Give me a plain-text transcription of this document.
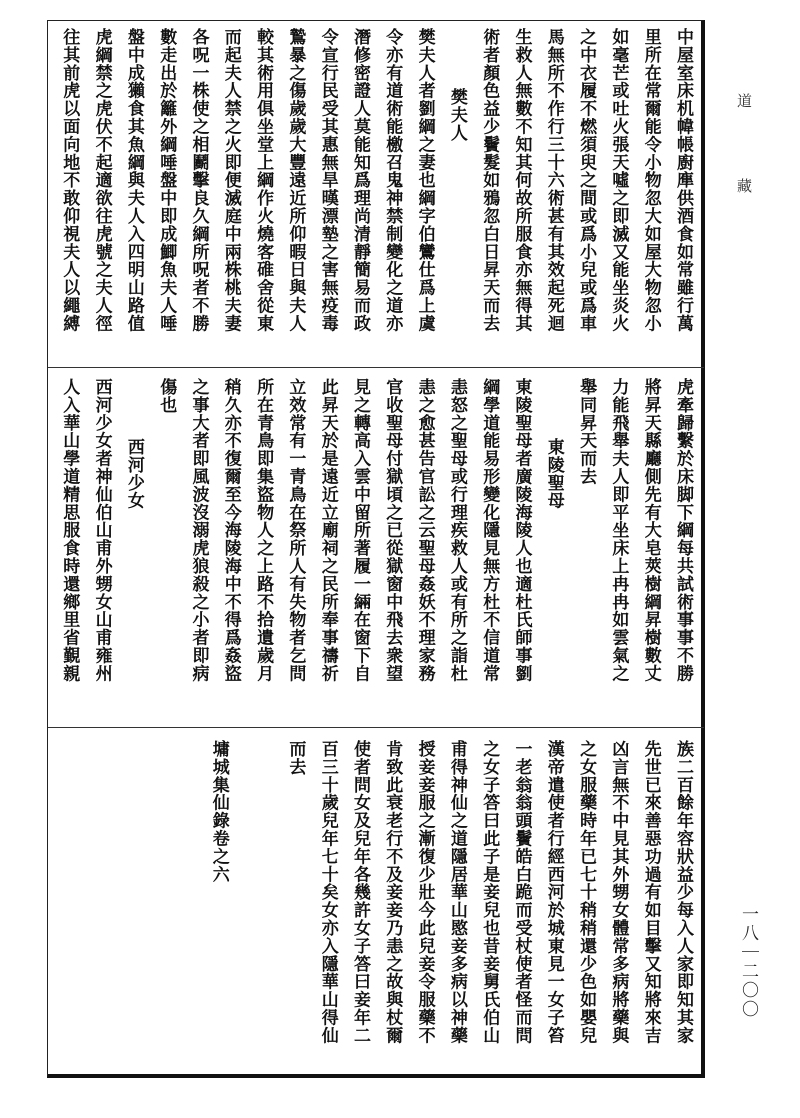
道
藏
一八｜二〇〇
中屋室床机幃帳廚㢑供酒食如常雖行萬
里所在常爾能令小物忽大如屋大物忽小
如毫芒或吐火張天噓之即滅又能坐炎火
之中衣履不燃須臾之間或爲小兒或爲車
馬無所不作行三十六術甚有其效起死迴
生救人無數不知其何故所服食亦無得其
術者顏色益少鬢髮如鴉忽白日昇天而去
樊夫人
樊夫人者劉綱之妻也綱字伯鸞仕爲上虞
令亦有道術能檄召鬼神禁制變化之道亦
潛修密證人莫能知爲理尚清靜簡易而政
令宣行民受其惠無旱暵漂墊之害無疫毒
鷙暴之傷歲歲大豐遠近所仰暇日與夫人
較其術用俱坐堂上綱作火燒客碓舍從東
而起夫人禁之火即便滅庭中兩株桃夫妻
各呪一株使之相鬬擊良久綱所呪者不勝
數走出於籬外綱唾盤中即成鯽魚夫人唾
盤中成獺食其魚綱與夫人入四明山路值
虎綱禁之虎伏不起適欲往虎號之夫人徑
往其前虎以面向地不敢仰視夫人以繩縛
虎牽歸繫於床脚下綱每共試術事事不勝
將昇天縣廳側先有大皂莢樹綱昇樹數丈
力能飛舉夫人即平坐床上冉冉如雲氣之
舉同昇天而去
東陵聖母
東陵聖母者廣陵海陵人也適杜氏師事劉
綱學道能易形變化隱見無方杜不信道常
恚怒之聖母或行理疾救人或有所之詣杜
恚之愈甚告官訟之云聖母姦妖不理家務
官收聖母付獄頃之已從獄窗中飛去衆望
見之轉高入雲中留所著履一緉在窗下自
此昇天於是遠近立廟祠之民所奉事禱祈
立效常有一青鳥在祭所人有失物者乞問
所在青鳥即集盜物人之上路不拾遺歲月
稍久亦不復爾至今海陵海中不得爲姦盜
之事大者即風波沒溺虎狼殺之小者即病
傷也
西河少女
西河少女者神仙伯山甫外甥女山甫雍州
人入華山學道精思服食時還鄉里省覲親
族二百餘年容狀益少每入人家即知其家
先世已來善惡功過有如目擊又知將來吉
凶言無不中見其外甥女體常多病將藥與
之女服藥時年已七十稍稍還少色如嬰兒
漢帝遣使者行經西河於城東見一女子笞
一老翁翁頭鬢皓白跪而受杖使者怪而問
之女子答曰此子是妾兒也昔妾舅氏伯山
甫得神仙之道隱居華山愍妾多病以神藥
授妾妾服之漸復少壯今此兒妾令服藥不
肯致此衰老行不及妾妾乃恚之故與杖爾
使者問女及兒年各幾許女子答曰妾年二
百三十歲兒年七十矣女亦入隱華山得仙
而去
墉城集仙錄卷之六
